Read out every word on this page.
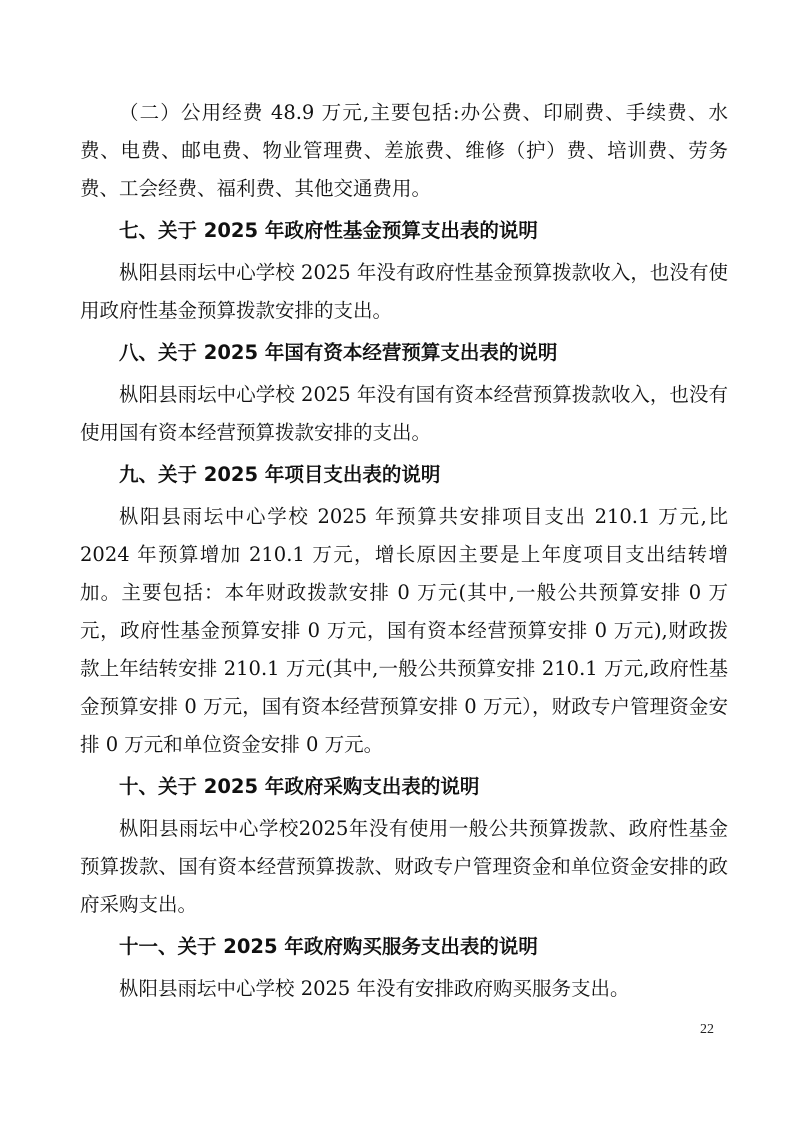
（二）公用经费 48.9 万元,主要包括:办公费、印刷费、手续费、水费、电费、邮电费、物业管理费、差旅费、维修（护）费、培训费、劳务费、工会经费、福利费、其他交通费用。

七、关于 2025 年政府性基金预算支出表的说明

枞阳县雨坛中心学校 2025 年没有政府性基金预算拨款收入，也没有使用政府性基金预算拨款安排的支出。

八、关于 2025 年国有资本经营预算支出表的说明

枞阳县雨坛中心学校 2025 年没有国有资本经营预算拨款收入，也没有使用国有资本经营预算拨款安排的支出。

九、关于 2025 年项目支出表的说明

枞阳县雨坛中心学校 2025 年预算共安排项目支出 210.1 万元,比 2024 年预算增加 210.1 万元，增长原因主要是上年度项目支出结转增加。主要包括：本年财政拨款安排 0 万元(其中,一般公共预算安排 0 万元，政府性基金预算安排 0 万元，国有资本经营预算安排 0 万元),财政拨款上年结转安排 210.1 万元(其中,一般公共预算安排 210.1 万元,政府性基金预算安排 0 万元，国有资本经营预算安排 0 万元），财政专户管理资金安排 0 万元和单位资金安排 0 万元。

十、关于 2025 年政府采购支出表的说明

枞阳县雨坛中心学校2025年没有使用一般公共预算拨款、政府性基金预算拨款、国有资本经营预算拨款、财政专户管理资金和单位资金安排的政府采购支出。

十一、关于 2025 年政府购买服务支出表的说明

枞阳县雨坛中心学校 2025 年没有安排政府购买服务支出。

22
